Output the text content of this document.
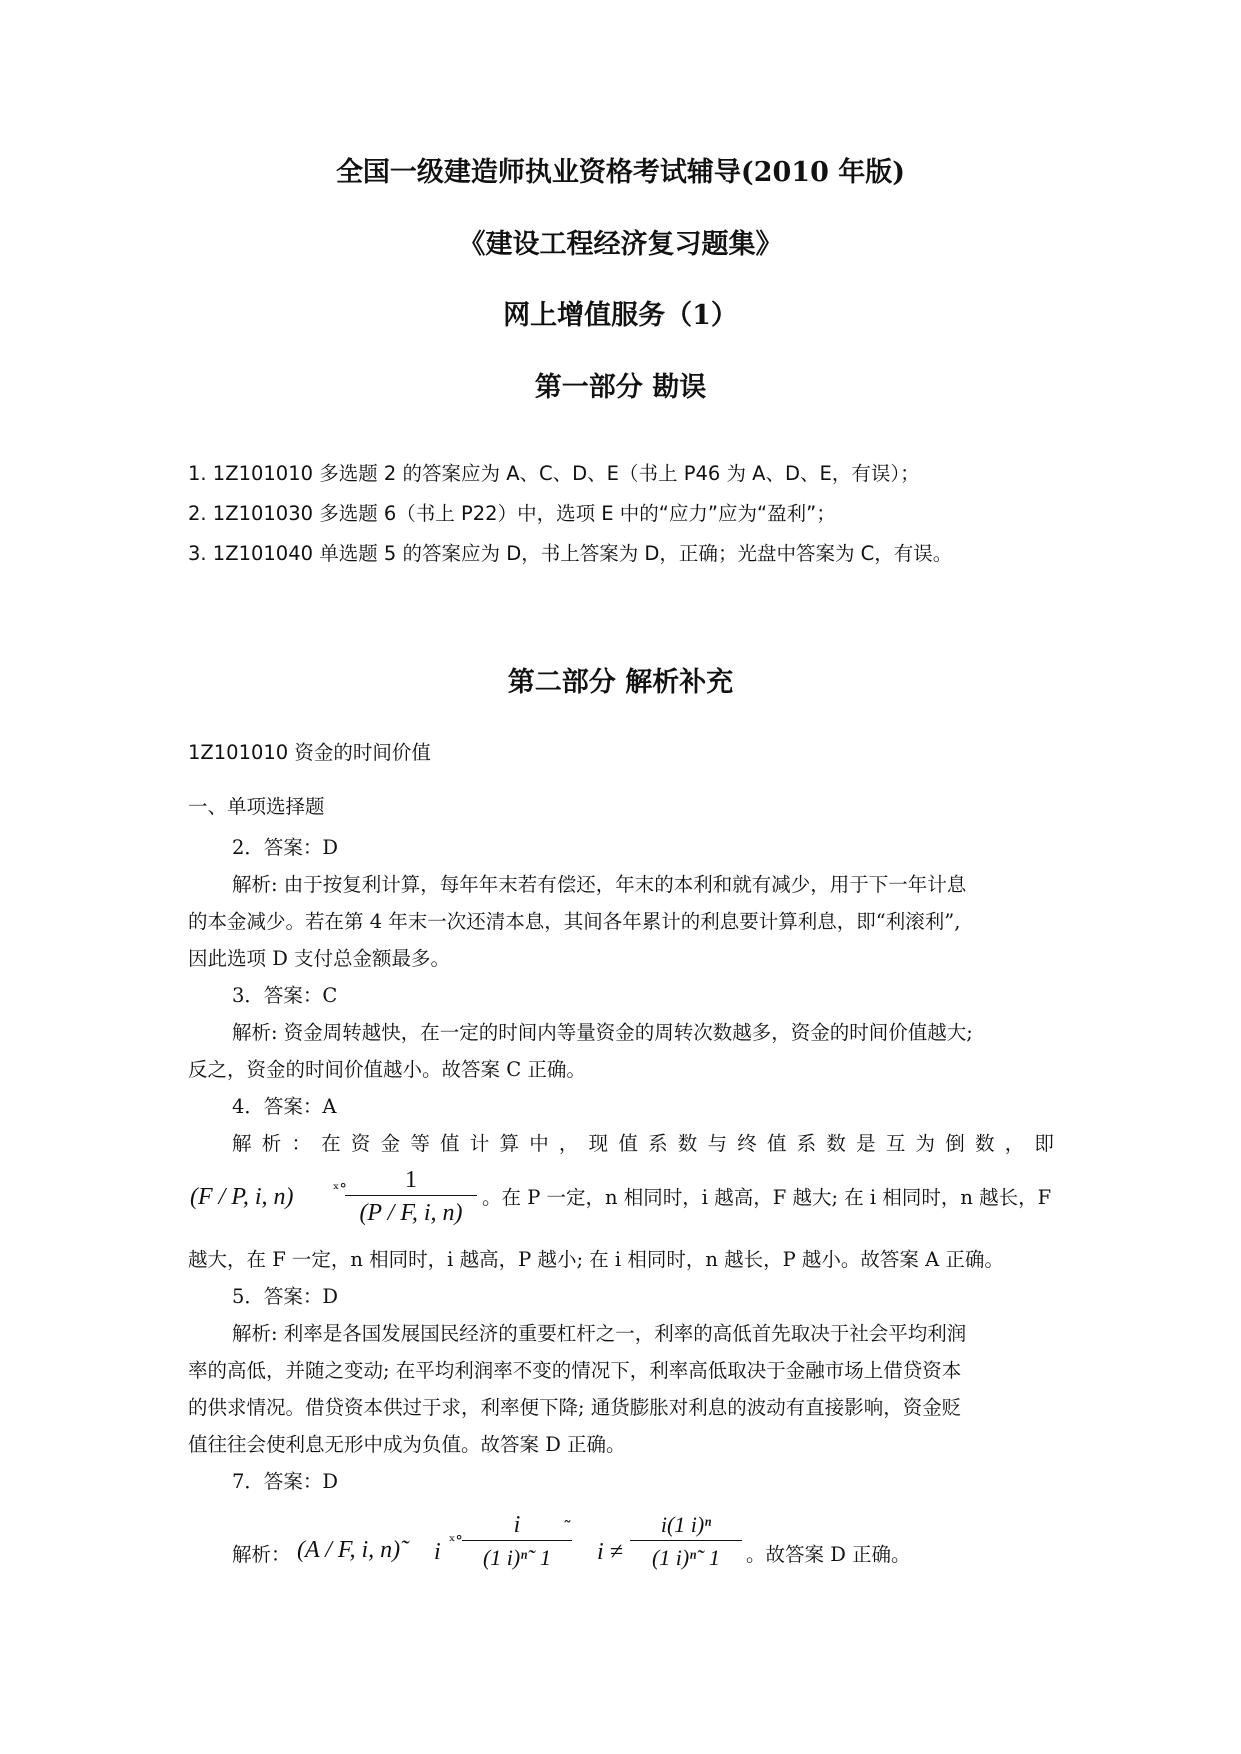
全国一级建造师执业资格考试辅导(2010 年版)
《建设工程经济复习题集》
网上增值服务（1）
第一部分 勘误
1. 1Z101010 多选题 2 的答案应为 A、C、D、E（书上 P46 为 A、D、E，有误）；
2. 1Z101030 多选题 6（书上 P22）中，选项 E 中的“应力”应为“盈利”；
3. 1Z101040 单选题 5 的答案应为 D，书上答案为 D，正确；光盘中答案为 C，有误。
第二部分 解析补充
1Z101010 资金的时间价值
一、单项选择题
2．答案：D
解析: 由于按复利计算，每年年末若有偿还，年末的本利和就有减少，用于下一年计息
的本金减少。若在第 4 年末一次还清本息，其间各年累计的利息要计算利息，即“利滚利”,
因此选项 D 支付总金额最多。
3．答案：C
解析: 资金周转越快，在一定的时间内等量资金的周转次数越多，资金的时间价值越大;
反之，资金的时间价值越小。故答案 C 正确。
4．答案：A
解 析 ： 在 资 金 等 值 计 算 中 ， 现 值 系 数 与 终 值 系 数 是 互 为 倒 数 ， 即
(F / P, i, n)	ˣ°	1
(P / F, i, n)
。在 P 一定，n 相同时，i 越高，F 越大; 在 i 相同时，n 越长，F
越大，在 F 一定，n 相同时，i 越高，P 越小; 在 i 相同时，n 越长，P 越小。故答案 A 正确。
5．答案：D
解析: 利率是各国发展国民经济的重要杠杆之一，利率的高低首先取决于社会平均利润
率的高低，并随之变动; 在平均利润率不变的情况下，利率高低取决于金融市场上借贷资本
的供求情况。借贷资本供过于求，利率便下降; 通货膨胀对利息的波动有直接影响，资金贬
值往往会使利息无形中成为负值。故答案 D 正确。
7．答案：D
解析： (A / F, i, n)˜ i ˣ°
i
(1 i)ⁿ˜ 1
˜
i ≠
i(1 i)ⁿ
(1 i)ⁿ˜ 1	。故答案 D 正确。
